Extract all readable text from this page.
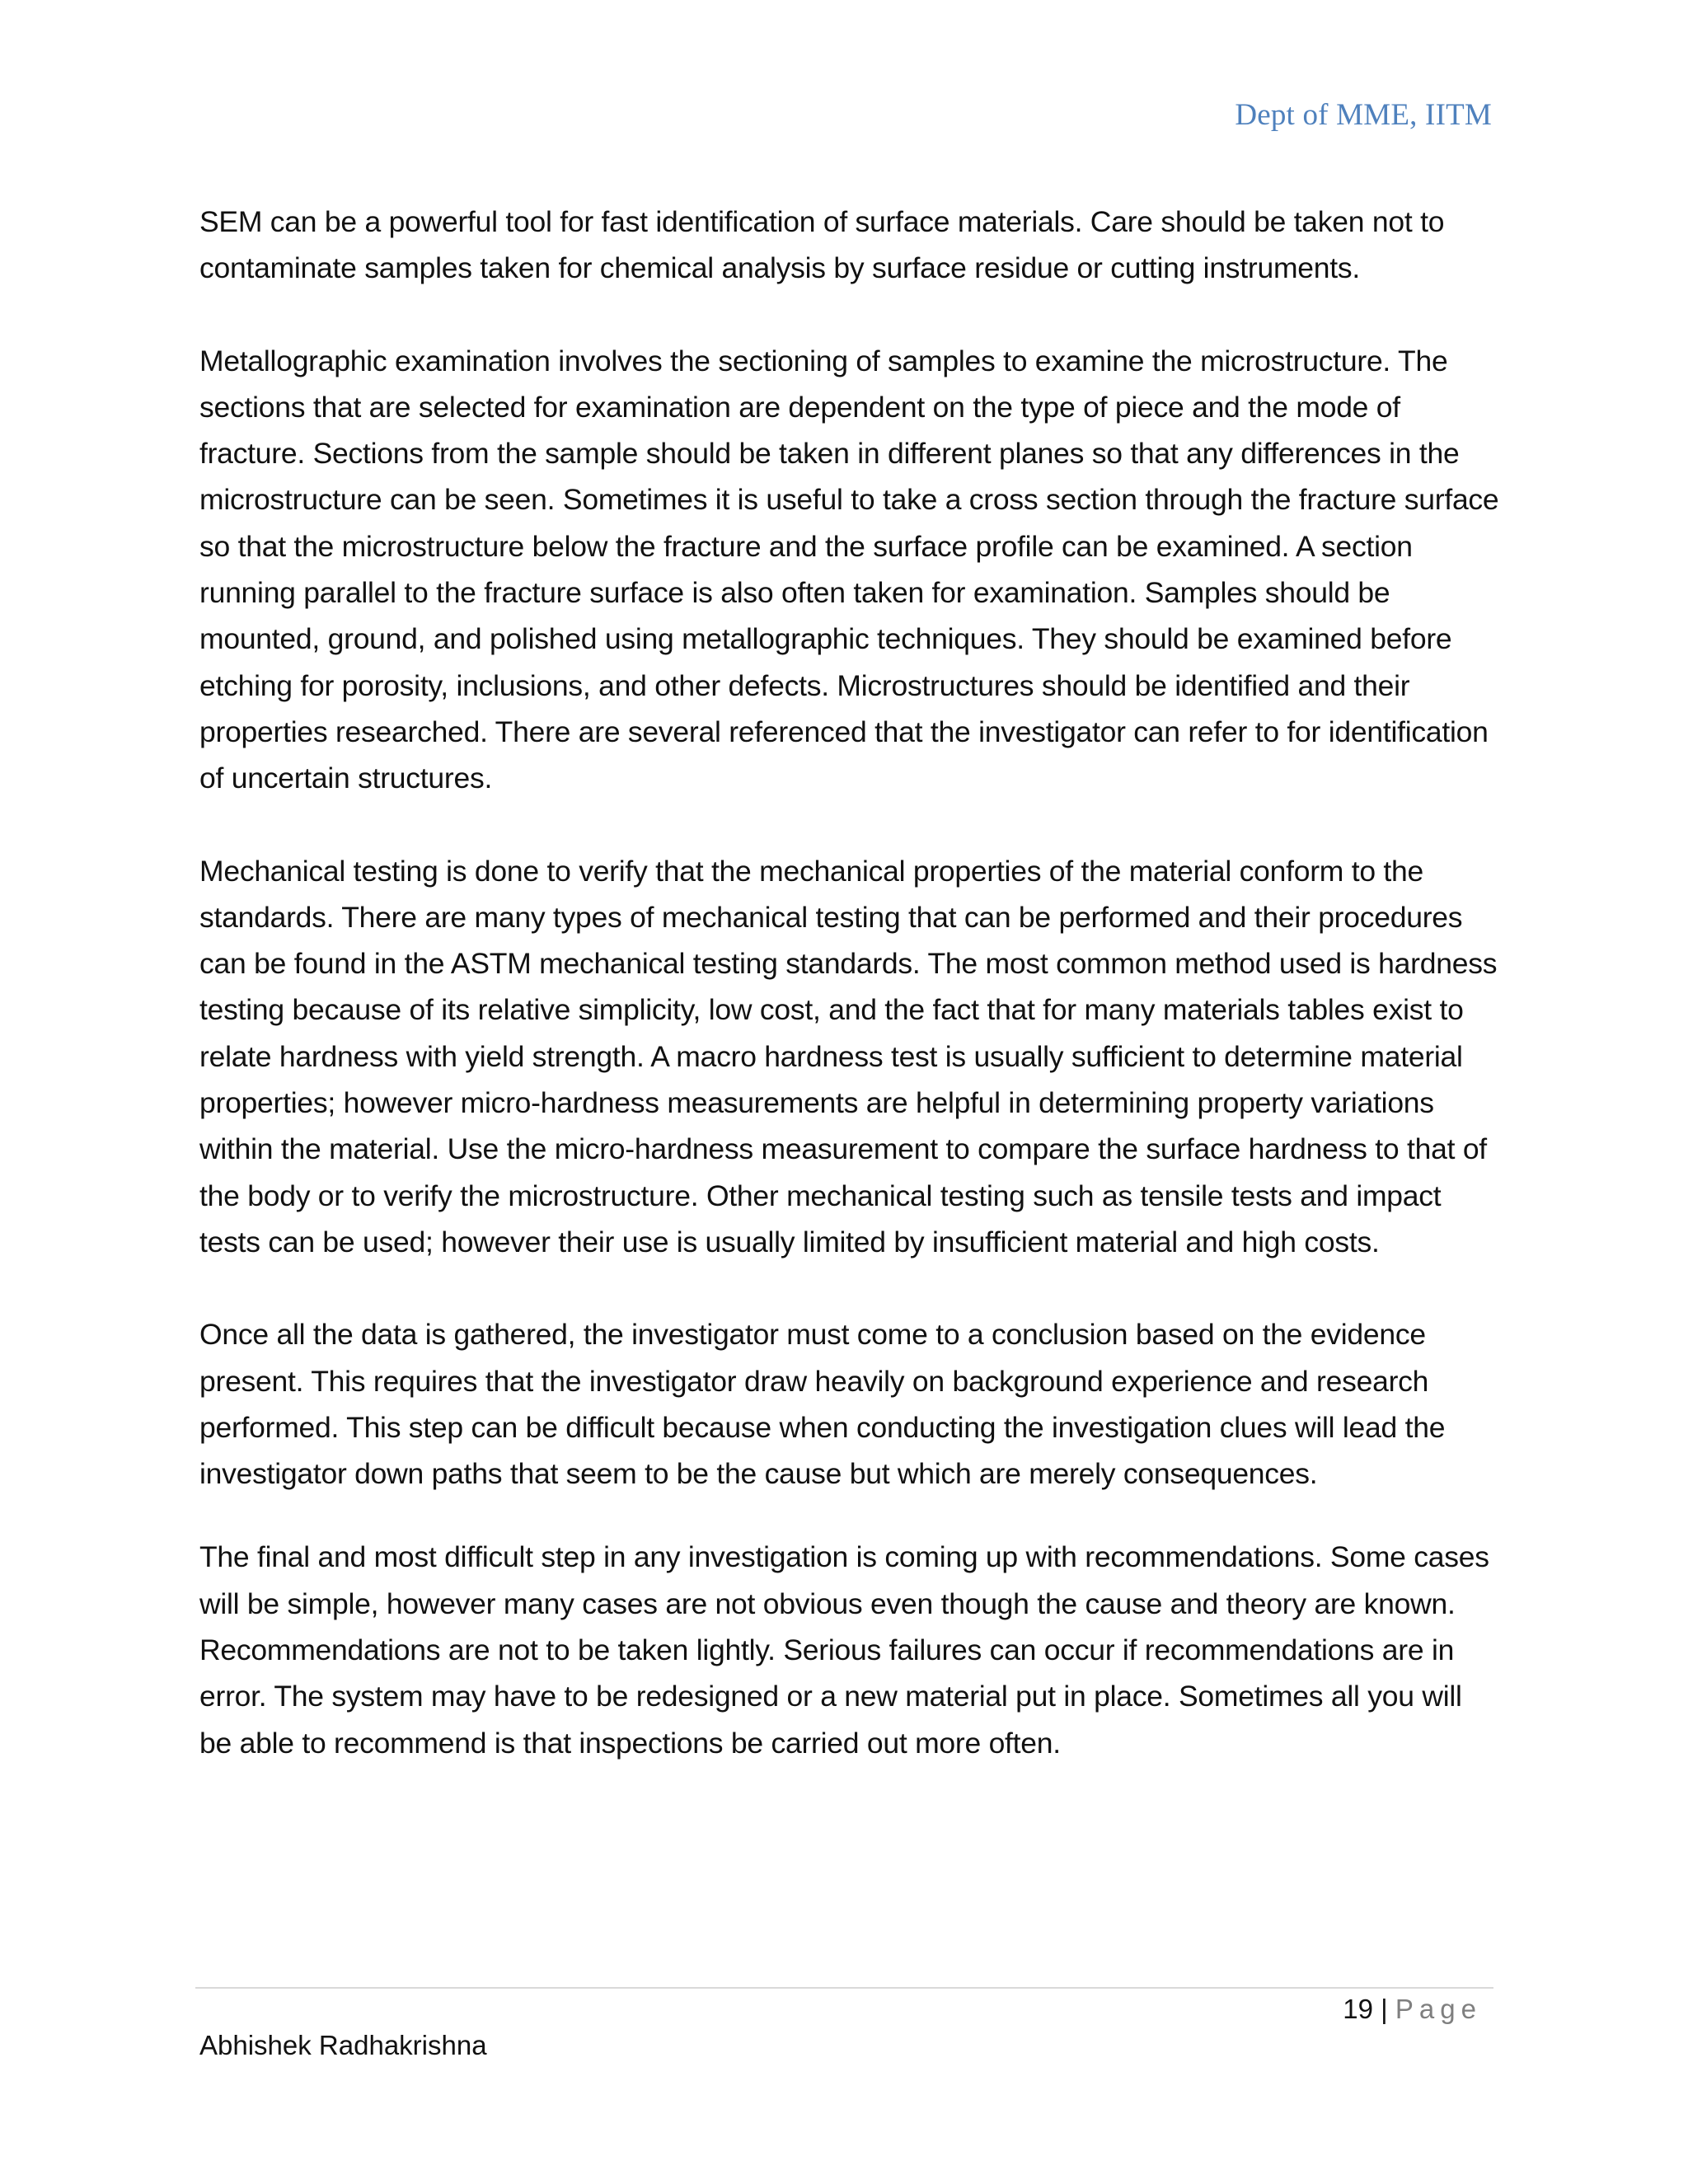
Dept of MME, IITM

SEM can be a powerful tool for fast identification of surface materials. Care should be taken not to contaminate samples taken for chemical analysis by surface residue or cutting instruments.

Metallographic examination involves the sectioning of samples to examine the microstructure. The sections that are selected for examination are dependent on the type of piece and the mode of fracture. Sections from the sample should be taken in different planes so that any differences in the microstructure can be seen. Sometimes it is useful to take a cross section through the fracture surface so that the microstructure below the fracture and the surface profile can be examined. A section running parallel to the fracture surface is also often taken for examination. Samples should be mounted, ground, and polished using metallographic techniques. They should be examined before etching for porosity, inclusions, and other defects. Microstructures should be identified and their properties researched. There are several referenced that the investigator can refer to for identification of uncertain structures.

Mechanical testing is done to verify that the mechanical properties of the material conform to the standards. There are many types of mechanical testing that can be performed and their procedures can be found in the ASTM mechanical testing standards. The most common method used is hardness testing because of its relative simplicity, low cost, and the fact that for many materials tables exist to relate hardness with yield strength. A macro hardness test is usually sufficient to determine material properties; however micro-hardness measurements are helpful in determining property variations within the material. Use the micro-hardness measurement to compare the surface hardness to that of the body or to verify the microstructure. Other mechanical testing such as tensile tests and impact tests can be used; however their use is usually limited by insufficient material and high costs.

Once all the data is gathered, the investigator must come to a conclusion based on the evidence present. This requires that the investigator draw heavily on background experience and research performed. This step can be difficult because when conducting the investigation clues will lead the investigator down paths that seem to be the cause but which are merely consequences.

The final and most difficult step in any investigation is coming up with recommendations. Some cases will be simple, however many cases are not obvious even though the cause and theory are known. Recommendations are not to be taken lightly. Serious failures can occur if recommendations are in error. The system may have to be redesigned or a new material put in place. Sometimes all you will be able to recommend is that inspections be carried out more often.

19 | Page
Abhishek Radhakrishna
